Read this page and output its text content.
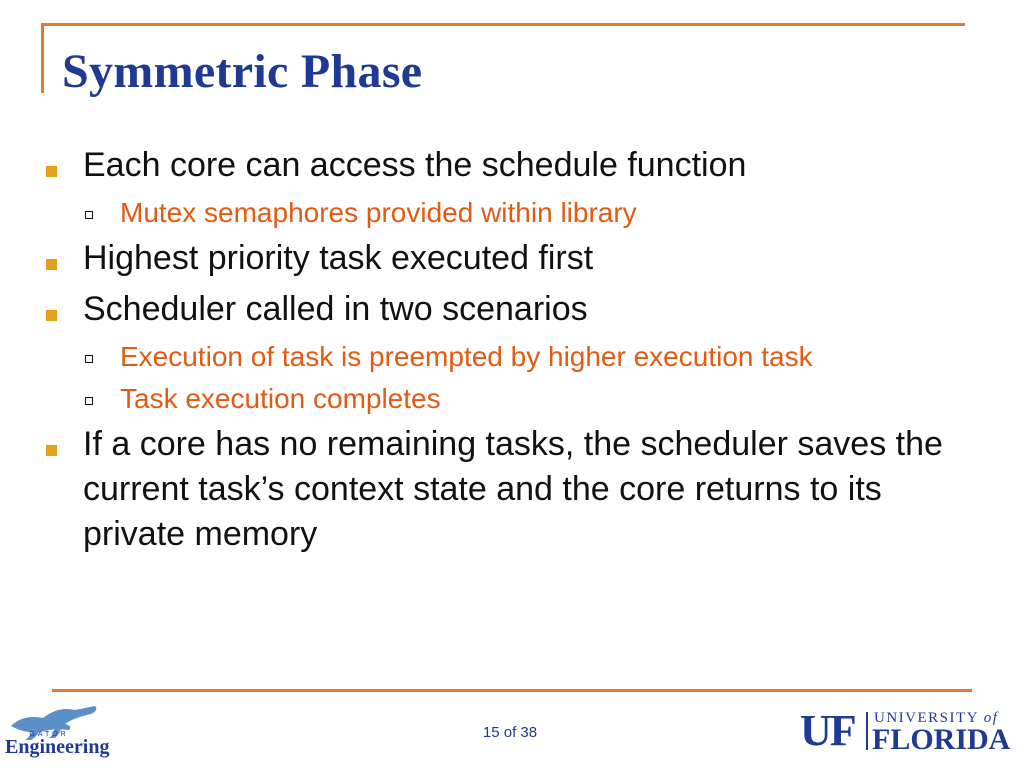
Symmetric Phase
Each core can access the schedule function
Mutex semaphores provided within library
Highest priority task executed first
Scheduler called in two scenarios
Execution of task is preempted by higher execution task
Task execution completes
If a core has no remaining tasks, the scheduler saves the current task’s context state and the core returns to its private memory
GATOR
Engineering
15 of 38	UF UNIVERSITY of
FLORIDA
